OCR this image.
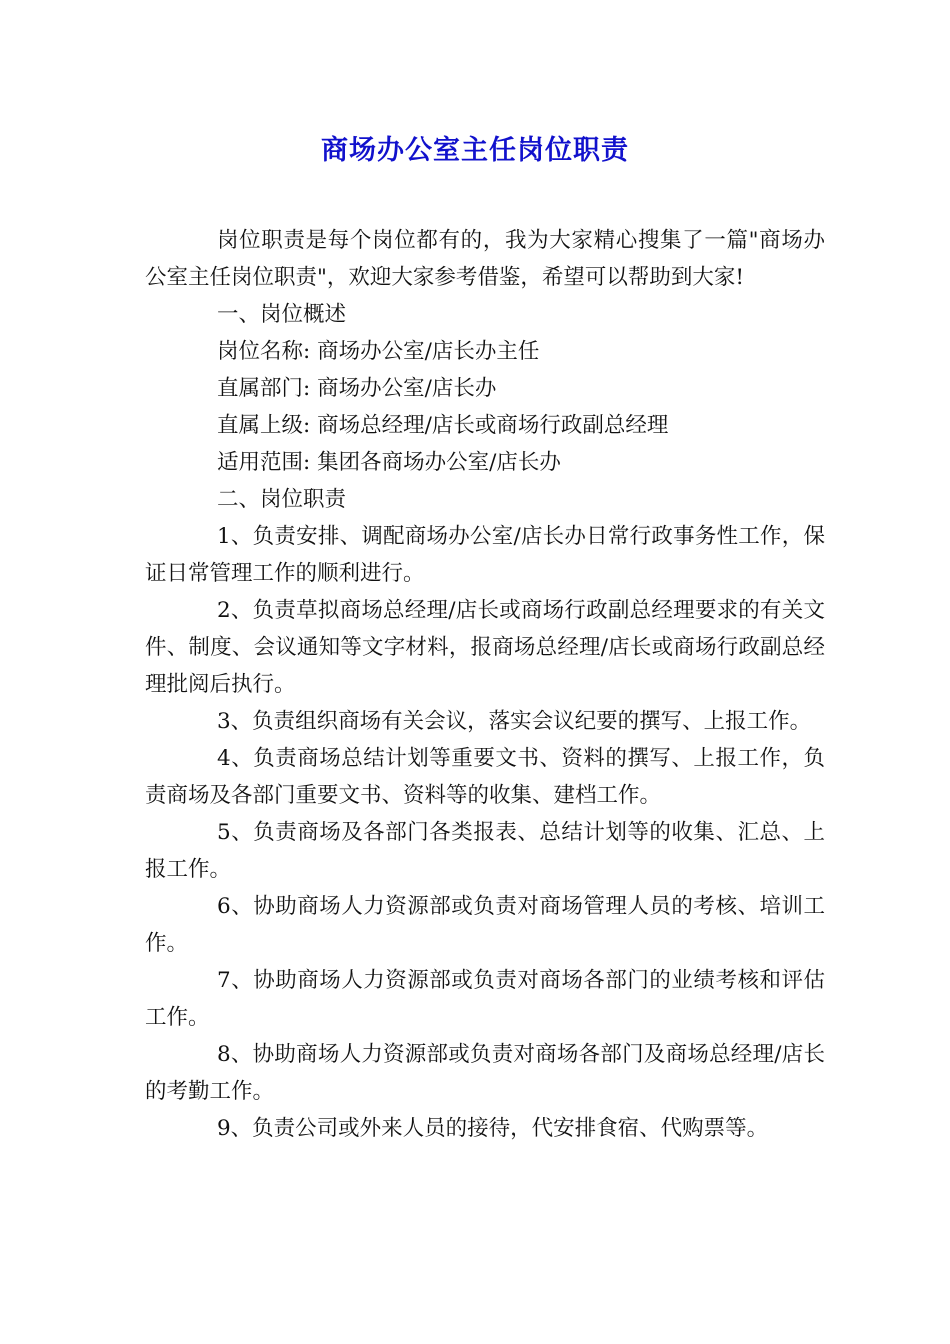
商场办公室主任岗位职责

岗位职责是每个岗位都有的，我为大家精心搜集了一篇"商场办公室主任岗位职责"，欢迎大家参考借鉴，希望可以帮助到大家!

一、岗位概述

岗位名称: 商场办公室/店长办主任

直属部门: 商场办公室/店长办

直属上级: 商场总经理/店长或商场行政副总经理

适用范围: 集团各商场办公室/店长办

二、岗位职责

1、负责安排、调配商场办公室/店长办日常行政事务性工作，保证日常管理工作的顺利进行。

2、负责草拟商场总经理/店长或商场行政副总经理要求的有关文件、制度、会议通知等文字材料，报商场总经理/店长或商场行政副总经理批阅后执行。

3、负责组织商场有关会议，落实会议纪要的撰写、上报工作。

4、负责商场总结计划等重要文书、资料的撰写、上报工作，负责商场及各部门重要文书、资料等的收集、建档工作。

5、负责商场及各部门各类报表、总结计划等的收集、汇总、上报工作。

6、协助商场人力资源部或负责对商场管理人员的考核、培训工作。

7、协助商场人力资源部或负责对商场各部门的业绩考核和评估工作。

8、协助商场人力资源部或负责对商场各部门及商场总经理/店长的考勤工作。

9、负责公司或外来人员的接待，代安排食宿、代购票等。
